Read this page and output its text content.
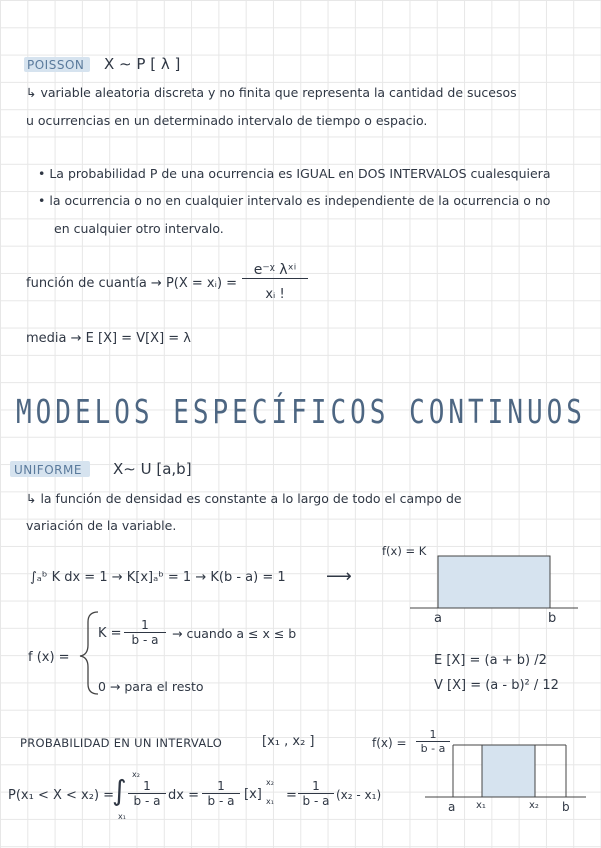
POISSON X ∼ P [ λ ]
↳ variable aleatoria discreta y no finita que representa la cantidad de sucesos
u ocurrencias en un determinado intervalo de tiempo o espacio.
• La probabilidad P de una ocurrencia es IGUAL en DOS INTERVALOS cualesquiera
• la ocurrencia o no en cualquier intervalo es independiente de la ocurrencia o no
en cualquier otro intervalo.
función de cuantía → P(X = xᵢ) =
e⁻ᵡ λˣⁱ
xᵢ !
media → E [X] = V[X] = λ
MODELOS ESPECÍFICOS CONTINUOS
UNIFORME X∼ U [a,b]
↳ la función de densidad es constante a lo largo de todo el campo de
variación de la variable.
∫ₐᵇ K dx = 1 → K[x]ₐᵇ = 1 → K(b - a) = 1 ⟶
f(x) = K
a	b
f (x) =
$K = \frac{1}{b - a}$ → cuando a ≤ x ≤ b
0 → para el resto
E [X] = (a + b) /2
V [X] = (a - b)² / 12
PROBABILIDAD EN UN INTERVALO	[x₁ , x₂ ]	$f(x) = \frac{1}{b - a}$
P(x₁ < X < x₂) =
∫ x₂
x₁
$\frac{1}{b - a}$ dx = $\frac{1}{b - a} [x]$
x₂
$x_1 = \frac{1}{b - a} (x_2 - x_1)$
a x₁	x₂ b
